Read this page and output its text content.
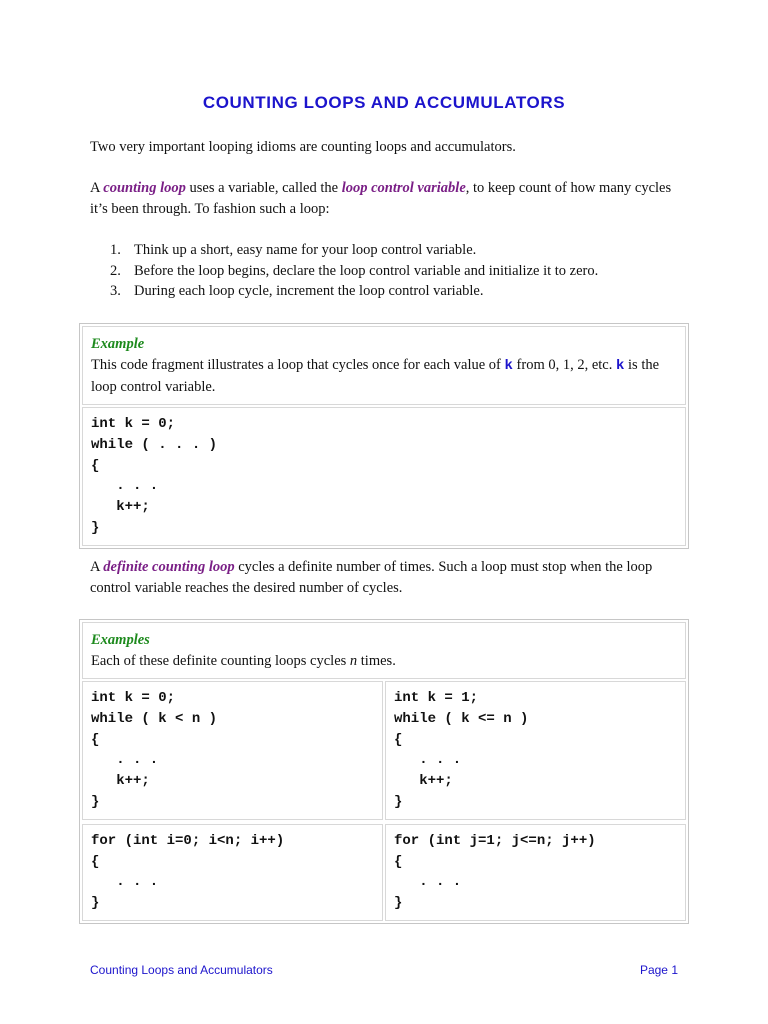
COUNTING LOOPS AND ACCUMULATORS

Two very important looping idioms are counting loops and accumulators.

A counting loop uses a variable, called the loop control variable, to keep count of how many cycles it’s been through. To fashion such a loop:

1. Think up a short, easy name for your loop control variable.
2. Before the loop begins, declare the loop control variable and initialize it to zero.
3. During each loop cycle, increment the loop control variable.
Example
This code fragment illustrates a loop that cycles once for each value of k from 0, 1, 2, etc. k is the loop control variable.
int k = 0;
while ( . . . )
{
. . .
k++;
}

A definite counting loop cycles a definite number of times. Such a loop must stop when the loop control variable reaches the desired number of cycles.

Examples
Each of these definite counting loops cycles n times.
int k = 0;
while ( k < n )
{
. . .
k++;
}
int k = 1;
while ( k <= n )
{
. . .
k++;
}
for (int i=0; i<n; i++)
{
. . .
}
for (int j=1; j<=n; j++)
{
. . .
}
Counting Loops and Accumulators	Page 1
